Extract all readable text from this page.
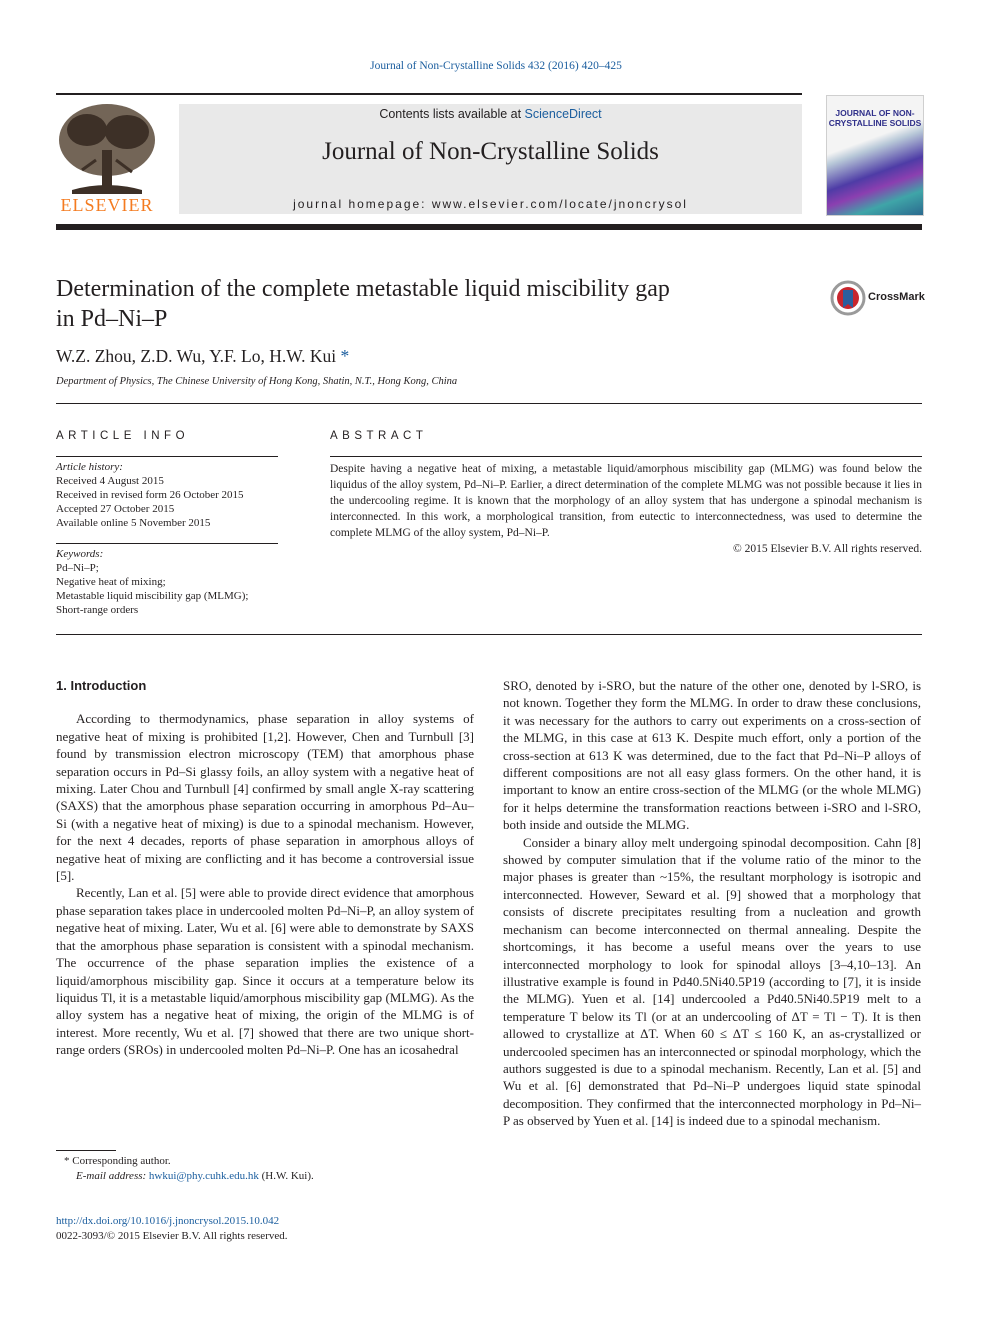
Journal of Non-Crystalline Solids 432 (2016) 420–425
ELSEVIER
Contents lists available at ScienceDirect
Journal of Non-Crystalline Solids
journal homepage: www.elsevier.com/locate/jnoncrysol
JOURNAL OF NON-CRYSTALLINE SOLIDS
Determination of the complete metastable liquid miscibility gap
in Pd–Ni–P
CrossMark
W.Z. Zhou, Z.D. Wu, Y.F. Lo, H.W. Kui *
Department of Physics, The Chinese University of Hong Kong, Shatin, N.T., Hong Kong, China
ARTICLE INFO
Article history:
Received 4 August 2015
Received in revised form 26 October 2015
Accepted 27 October 2015
Available online 5 November 2015
Keywords:
Pd–Ni–P;
Negative heat of mixing;
Metastable liquid miscibility gap (MLMG);
Short-range orders
ABSTRACT

Despite having a negative heat of mixing, a metastable liquid/amorphous miscibility gap (MLMG) was found below the liquidus of the alloy system, Pd–Ni–P. Earlier, a direct determination of the complete MLMG was not possible because it lies in the undercooling regime. It is known that the morphology of an alloy system that has undergone a spinodal mechanism is interconnected. In this work, a morphological transition, from eutectic to interconnectedness, was used to determine the complete MLMG of the alloy system, Pd–Ni–P.

© 2015 Elsevier B.V. All rights reserved.

1. Introduction

According to thermodynamics, phase separation in alloy systems of negative heat of mixing is prohibited [1,2]. However, Chen and Turnbull [3] found by transmission electron microscopy (TEM) that amorphous phase separation occurs in Pd–Si glassy foils, an alloy system with a negative heat of mixing. Later Chou and Turnbull [4] confirmed by small angle X-ray scattering (SAXS) that the amorphous phase separation occurring in amorphous Pd–Au–Si (with a negative heat of mixing) is due to a spinodal mechanism. However, for the next 4 decades, reports of phase separation in amorphous alloys of negative heat of mixing are conflicting and it has become a controversial issue [5].

Recently, Lan et al. [5] were able to provide direct evidence that amorphous phase separation takes place in undercooled molten Pd–Ni–P, an alloy system of negative heat of mixing. Later, Wu et al. [6] were able to demonstrate by SAXS that the amorphous phase separation is consistent with a spinodal mechanism. The occurrence of the phase separation implies the existence of a liquid/amorphous miscibility gap. Since it occurs at a temperature below its liquidus Tl, it is a metastable liquid/amorphous miscibility gap (MLMG). As the alloy system has a negative heat of mixing, the origin of the MLMG is of interest. More recently, Wu et al. [7] showed that there are two unique short-range orders (SROs) in undercooled molten Pd–Ni–P. One has an icosahedral

SRO, denoted by i-SRO, but the nature of the other one, denoted by l-SRO, is not known. Together they form the MLMG. In order to draw these conclusions, it was necessary for the authors to carry out experiments on a cross-section of the MLMG, in this case at 613 K. Despite much effort, only a portion of the cross-section at 613 K was determined, due to the fact that Pd–Ni–P alloys of different compositions are not all easy glass formers. On the other hand, it is important to know an entire cross-section of the MLMG (or the whole MLMG) for it helps determine the transformation reactions between i-SRO and l-SRO, both inside and outside the MLMG.

Consider a binary alloy melt undergoing spinodal decomposition. Cahn [8] showed by computer simulation that if the volume ratio of the minor to the major phases is greater than ~15%, the resultant morphology is isotropic and interconnected. However, Seward et al. [9] showed that a morphology that consists of discrete precipitates resulting from a nucleation and growth mechanism can become interconnected on thermal annealing. Despite the shortcomings, it has become a useful means over the years to use interconnected morphology to look for spinodal alloys [3–4,10–13]. An illustrative example is found in Pd40.5Ni40.5P19 (according to [7], it is inside the MLMG). Yuen et al. [14] undercooled a Pd40.5Ni40.5P19 melt to a temperature T below its Tl (or at an undercooling of ΔT = Tl − T). It is then allowed to crystallize at ΔT. When 60 ≤ ΔT ≤ 160 K, an as-crystallized or undercooled specimen has an interconnected or spinodal morphology, which the authors suggested is due to a spinodal mechanism. Recently, Lan et al. [5] and Wu et al. [6] demonstrated that Pd–Ni–P undergoes liquid state spinodal decomposition. They confirmed that the interconnected morphology in Pd–Ni–P as observed by Yuen et al. [14] is indeed due to a spinodal mechanism.

* Corresponding author.
E-mail address: hwkui@phy.cuhk.edu.hk (H.W. Kui).
http://dx.doi.org/10.1016/j.jnoncrysol.2015.10.042
0022-3093/© 2015 Elsevier B.V. All rights reserved.
